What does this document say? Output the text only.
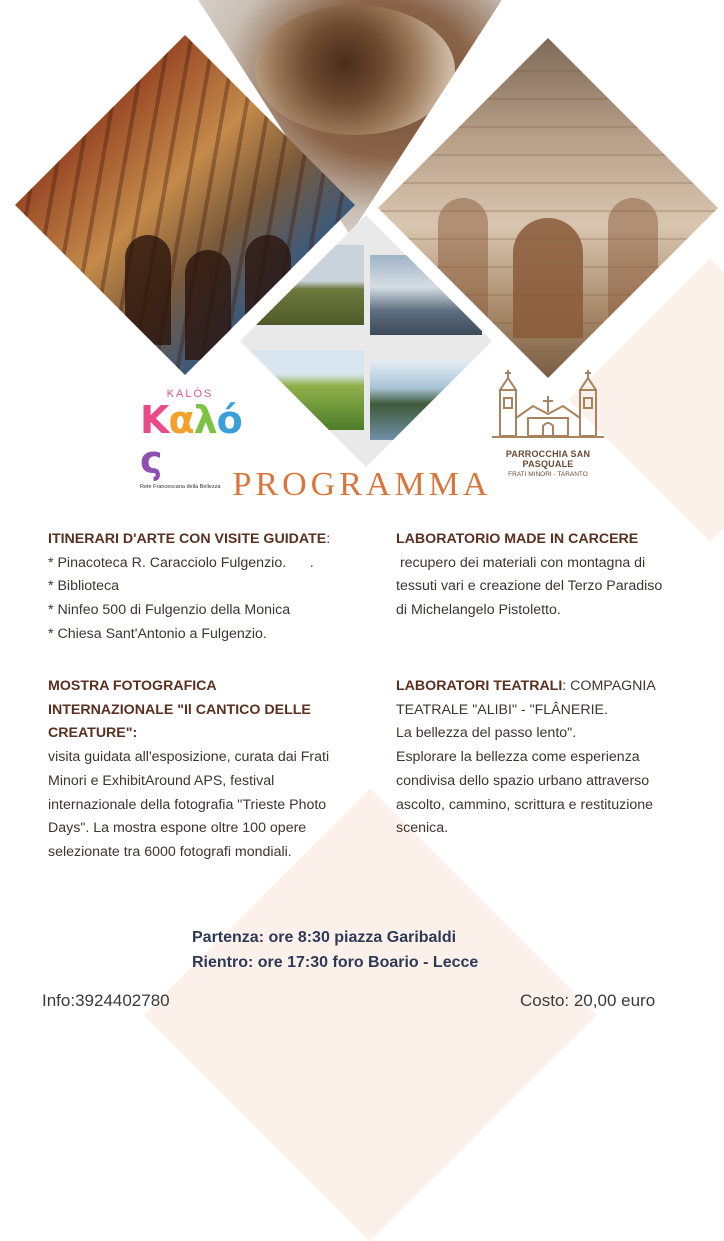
KALÒS
Kαλός
Rete Francescana della Bellezza
PARROCCHIA SAN PASQUALE
FRATI MINORI - TARANTO
PROGRAMMA
ITINERARI D'ARTE CON VISITE GUIDATE:
* Pinacoteca R. Caracciolo Fulgenzio.      .
* Biblioteca
* Ninfeo 500 di Fulgenzio della Monica
* Chiesa Sant'Antonio a Fulgenzio.
MOSTRA FOTOGRAFICA
INTERNAZIONALE "Il CANTICO DELLE
CREATURE":
visita guidata all'esposizione, curata dai Frati
Minori e ExhibitAround APS, festival
internazionale della fotografia "Trieste Photo
Days". La mostra espone oltre 100 opere
selezionate tra 6000 fotografi mondiali.
LABORATORIO MADE IN CARCERE
recupero dei materiali con montagna di
tessuti vari e creazione del Terzo Paradiso
di Michelangelo Pistoletto.
LABORATORI TEATRALI: COMPAGNIA
TEATRALE "ALIBI" - "FLÂNERIE.
La bellezza del passo lento".
Esplorare la bellezza come esperienza
condivisa dello spazio urbano attraverso
ascolto, cammino, scrittura e restituzione
scenica.
Partenza: ore 8:30 piazza Garibaldi
Rientro: ore 17:30 foro Boario - Lecce
Info:3924402780	Costo: 20,00 euro
